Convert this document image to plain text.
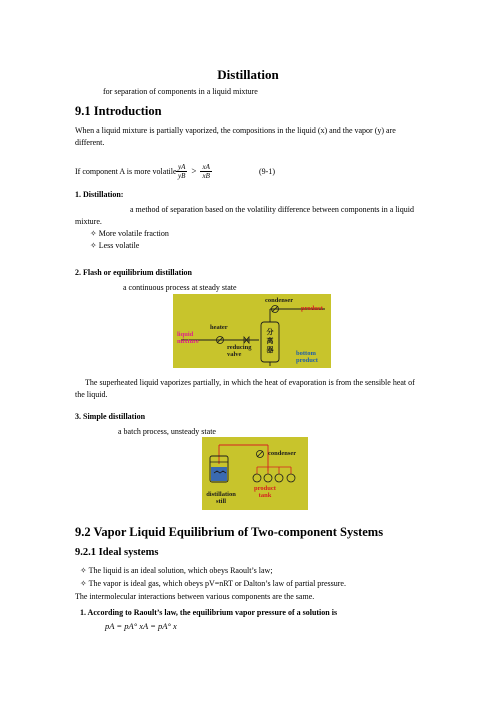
Distillation
for separation of components in a liquid mixture
9.1 Introduction
When a liquid mixture is partially vaporized, the compositions in the liquid (x) and the vapor (y) are different.
If component A is more volatile $\frac{yA}{yB} > \frac{xA}{xB}$	(9-1)
1. Distillation:
a method of separation based on the volatility difference between components in a liquid mixture.
✧ More volatile fraction
✧ Less volatile
2. Flash or equilibrium distillation
a continuous process at steady state
condenser
product
heater
liquid mixture
分离器
reducing valve	bottom product
The superheated liquid vaporizes partially, in which the heat of evaporation is from the sensible heat of the liquid.
3. Simple distillation
a batch process, unsteady state
condenser
distillation still
product tank
9.2 Vapor Liquid Equilibrium of Two-component Systems
9.2.1 Ideal systems
✧ The liquid is an ideal solution, which obeys Raoult’s law;
✧ The vapor is ideal gas, which obeys pV=nRT or Dalton’s law of partial pressure.
The intermolecular interactions between various components are the same.
1. According to Raoult’s law, the equilibrium vapor pressure of a solution is
pA = pA° xA = pA° x
